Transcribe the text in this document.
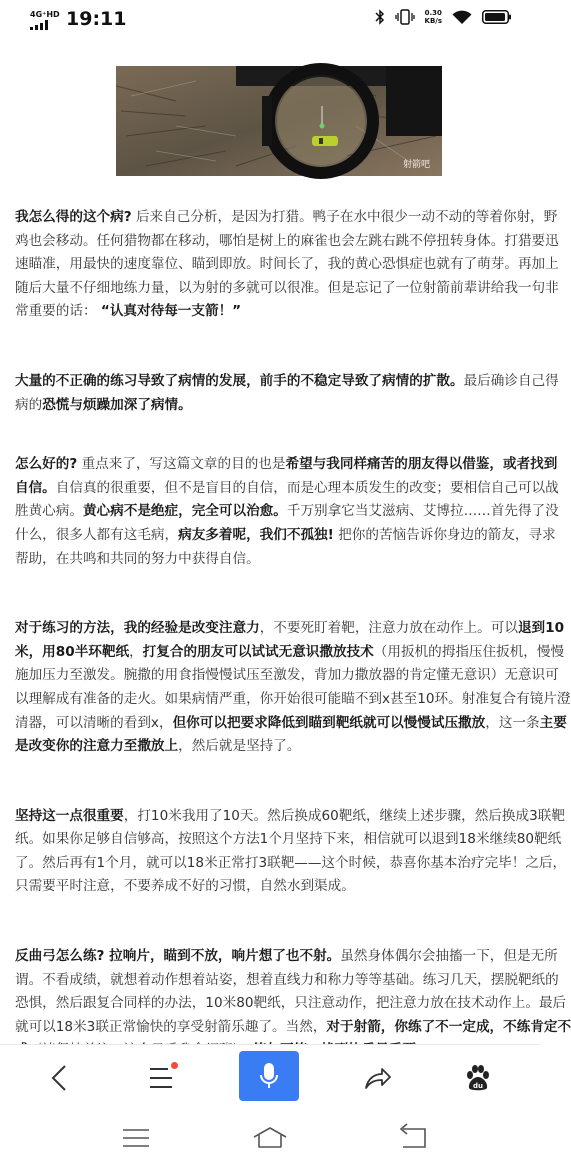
4G⁺HD 19:11	0.30
KB/s
射箭吧

我怎么得的这个病? 后来自己分析，是因为打猎。鸭子在水中很少一动不动的等着你射，野
鸡也会移动。任何猎物都在移动，哪怕是树上的麻雀也会左跳右跳不停扭转身体。打猎要迅
速瞄准，用最快的速度靠位、瞄到即放。时间长了，我的黄心恐惧症也就有了萌芽。再加上
随后大量不仔细地练力量，以为射的多就可以很准。但是忘记了一位射箭前辈讲给我一句非
常重要的话： “认真对待每一支箭！”

大量的不正确的练习导致了病情的发展，前手的不稳定导致了病情的扩散。最后确诊自己得
病的恐慌与烦躁加深了病情。

怎么好的? 重点来了，写这篇文章的目的也是希望与我同样痛苦的朋友得以借鉴，或者找到
自信。自信真的很重要，但不是盲目的自信，而是心理本质发生的改变；要相信自己可以战
胜黄心病。黄心病不是绝症，完全可以治愈。千万别拿它当艾滋病、艾博拉……首先得了没
什么，很多人都有这毛病，病友多着呢，我们不孤独! 把你的苦恼告诉你身边的箭友，寻求
帮助，在共鸣和共同的努力中获得自信。

对于练习的方法，我的经验是改变注意力，不要死盯着靶，注意力放在动作上。可以退到10
米，用80半环靶纸，打复合的朋友可以试试无意识撒放技术（用扳机的拇指压住扳机，慢慢
施加压力至激发。腕撒的用食指慢慢试压至激发，背加力撒放器的肯定懂无意识）无意识可
以理解成有准备的走火。如果病情严重，你开始很可能瞄不到x甚至10环。射准复合有镜片澄
清器，可以清晰的看到x，但你可以把要求降低到瞄到靶纸就可以慢慢试压撒放，这一条主要
是改变你的注意力至撒放上，然后就是坚持了。

坚持这一点很重要，打10米我用了10天。然后换成60靶纸，继续上述步骤，然后换成3联靶
纸。如果你足够自信够高，按照这个方法1个月坚持下来，相信就可以退到18米继续80靶纸
了。然后再有1个月，就可以18米正常打3联靶——这个时候，恭喜你基本治疗完毕！之后，
只需要平时注意，不要养成不好的习惯，自然水到渠成。

反曲弓怎么练? 拉响片，瞄到不放，响片想了也不射。虽然身体偶尔会抽搐一下，但是无所
谓。不看成绩，就想着动作想着站姿，想着直线力和称力等等基础。练习几天，摆脱靶纸的
恐惧，然后跟复合同样的办法，10米80靶纸，只注意动作，把注意力放在技术动作上。最后
就可以18米3联正常愉快的享受射箭乐趣了。当然，对于射箭，你练了不一定成，不练肯定不

du
